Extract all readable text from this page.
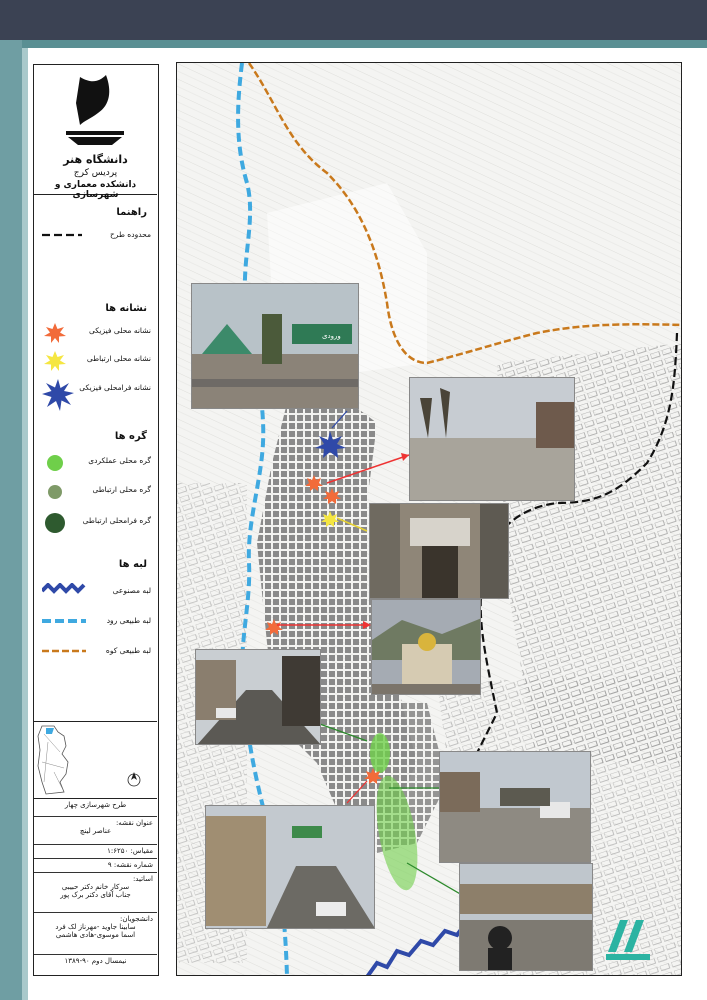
دانشگاه هنر
پردیس کرج
دانشکده معماری و شهرسازی
راهنما
محدوده طرح
نشانه ها
نشانه محلی فیزیکی
نشانه محلی ارتباطی
نشانه فرامحلی فیزیکی
گره ها
گره محلی عملکردی
گره محلی ارتباطی
گره فرامحلی ارتباطی
لبه ها
لبه مصنوعی
لبه طبیعی رود
لبه طبیعی کوه
طرح شهرسازی چهار
عنوان نقشه:
عناصر لینچ
مقیاس: ۱:۶۲۵۰
شماره نقشه: ۹
اساتید:
سرکار خانم دکتر حبیبی
جناب آقای دکتر برک پور
دانشجویان:
سابینا جاوید -مهرناز لک فرد
اسما موسوی-هادی هاشمی
نیمسال دوم ۹۰-۱۳۸۹
ورودی
